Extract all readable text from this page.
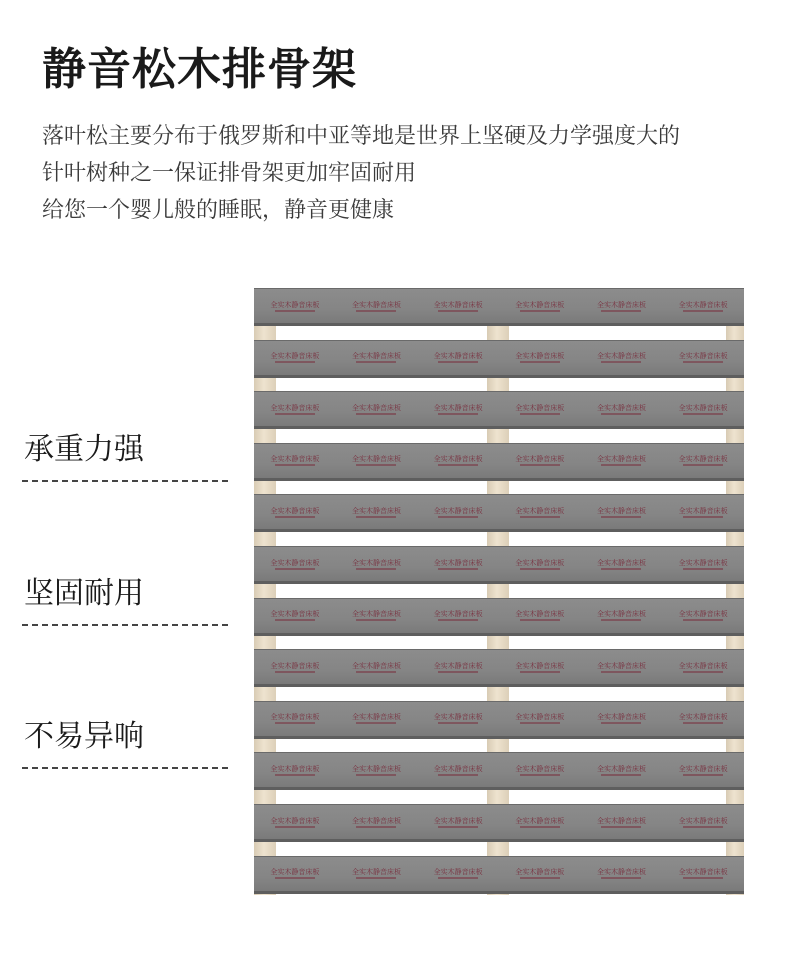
静音松木排骨架
落叶松主要分布于俄罗斯和中亚等地是世界上坚硬及力学强度大的
针叶树种之一保证排骨架更加牢固耐用
给您一个婴儿般的睡眠，静音更健康
承重力强
坚固耐用
不易异响
全实木静音床板	全实木静音床板	全实木静音床板	全实木静音床板	全实木静音床板	全实木静音床板
全实木静音床板	全实木静音床板	全实木静音床板	全实木静音床板	全实木静音床板	全实木静音床板
全实木静音床板	全实木静音床板	全实木静音床板	全实木静音床板	全实木静音床板	全实木静音床板
全实木静音床板	全实木静音床板	全实木静音床板	全实木静音床板	全实木静音床板	全实木静音床板
全实木静音床板	全实木静音床板	全实木静音床板	全实木静音床板	全实木静音床板	全实木静音床板
全实木静音床板	全实木静音床板	全实木静音床板	全实木静音床板	全实木静音床板	全实木静音床板
全实木静音床板	全实木静音床板	全实木静音床板	全实木静音床板	全实木静音床板	全实木静音床板
全实木静音床板	全实木静音床板	全实木静音床板	全实木静音床板	全实木静音床板	全实木静音床板
全实木静音床板	全实木静音床板	全实木静音床板	全实木静音床板	全实木静音床板	全实木静音床板
全实木静音床板	全实木静音床板	全实木静音床板	全实木静音床板	全实木静音床板	全实木静音床板
全实木静音床板	全实木静音床板	全实木静音床板	全实木静音床板	全实木静音床板	全实木静音床板
全实木静音床板	全实木静音床板	全实木静音床板	全实木静音床板	全实木静音床板	全实木静音床板
